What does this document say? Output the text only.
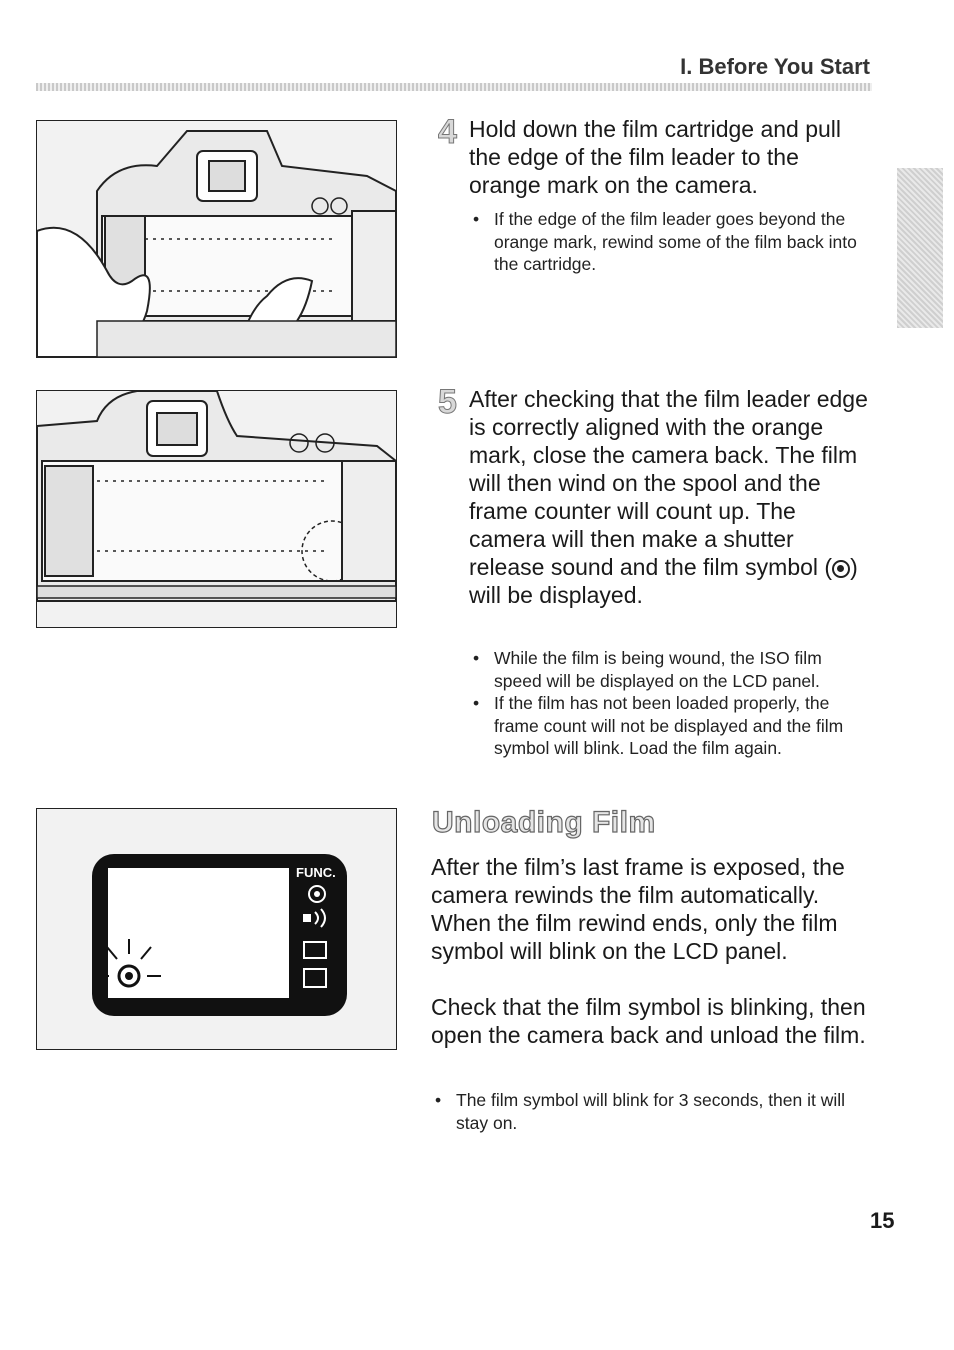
I. Before You Start
4 Hold down the film cartridge and pull the edge of the film leader to the orange mark on the camera.
• If the edge of the film leader goes beyond the orange mark, rewind some of the film back into the cartridge.
5 After checking that the film leader edge is correctly aligned with the orange mark, close the camera back. The film will then wind on the spool and the frame counter will count up. The camera will then make a shutter release sound and the film symbol ( ) will be displayed.
• While the film is being wound, the ISO film speed will be displayed on the LCD panel.
• If the film has not been loaded properly, the frame count will not be displayed and the film symbol will blink. Load the film again.
FUNC.
Unloading Film
After the film’s last frame is exposed, the camera rewinds the film automatically. When the film rewind ends, only the film symbol will blink on the LCD panel.
Check that the film symbol is blinking, then open the camera back and unload the film.
• The film symbol will blink for 3 seconds, then it will stay on.
15
